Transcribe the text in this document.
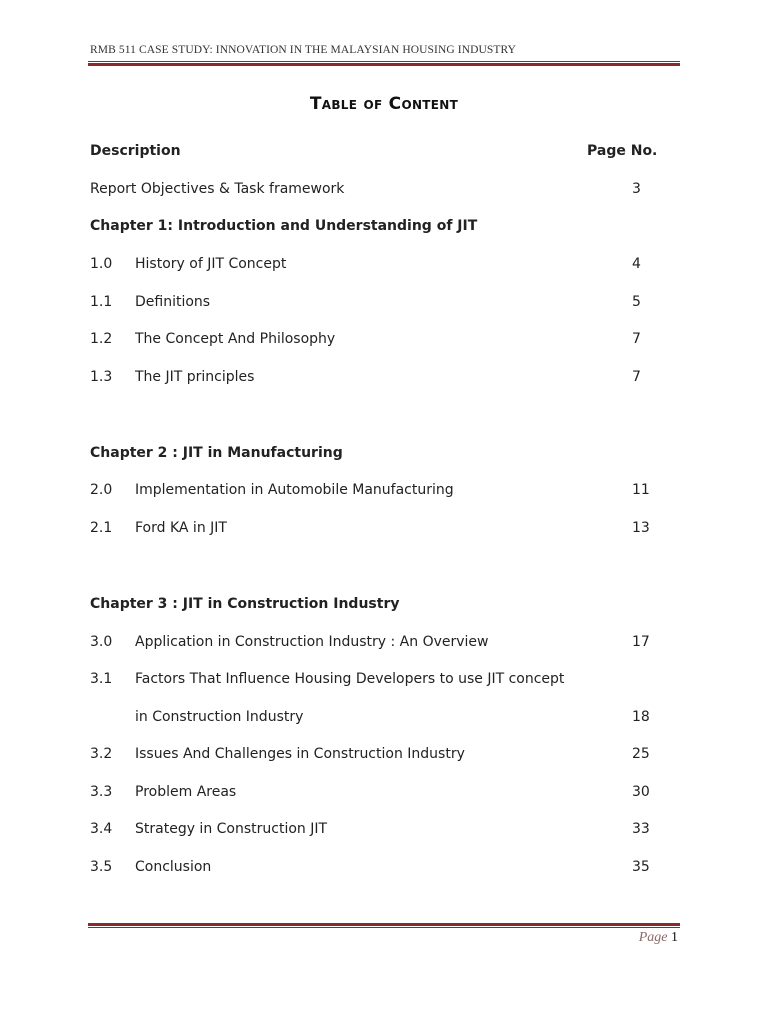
RMB 511 CASE STUDY: INNOVATION IN THE MALAYSIAN HOUSING INDUSTRY
Table of Content
Description	Page No.
Report Objectives & Task framework	3
Chapter 1: Introduction and Understanding of JIT
1.0 History of JIT Concept	4
1.1 Definitions	5
1.2 The Concept And Philosophy	7
1.3 The JIT principles	7
Chapter 2 : JIT in Manufacturing
2.0 Implementation in Automobile Manufacturing	11
2.1 Ford KA in JIT	13
Chapter 3 : JIT in Construction Industry
3.0 Application in Construction Industry : An Overview	17
3.1 Factors That Influence Housing Developers to use JIT concept
in Construction Industry	18
3.2 Issues And Challenges in Construction Industry	25
3.3 Problem Areas	30
3.4 Strategy in Construction JIT	33
3.5 Conclusion	35
Page 1
